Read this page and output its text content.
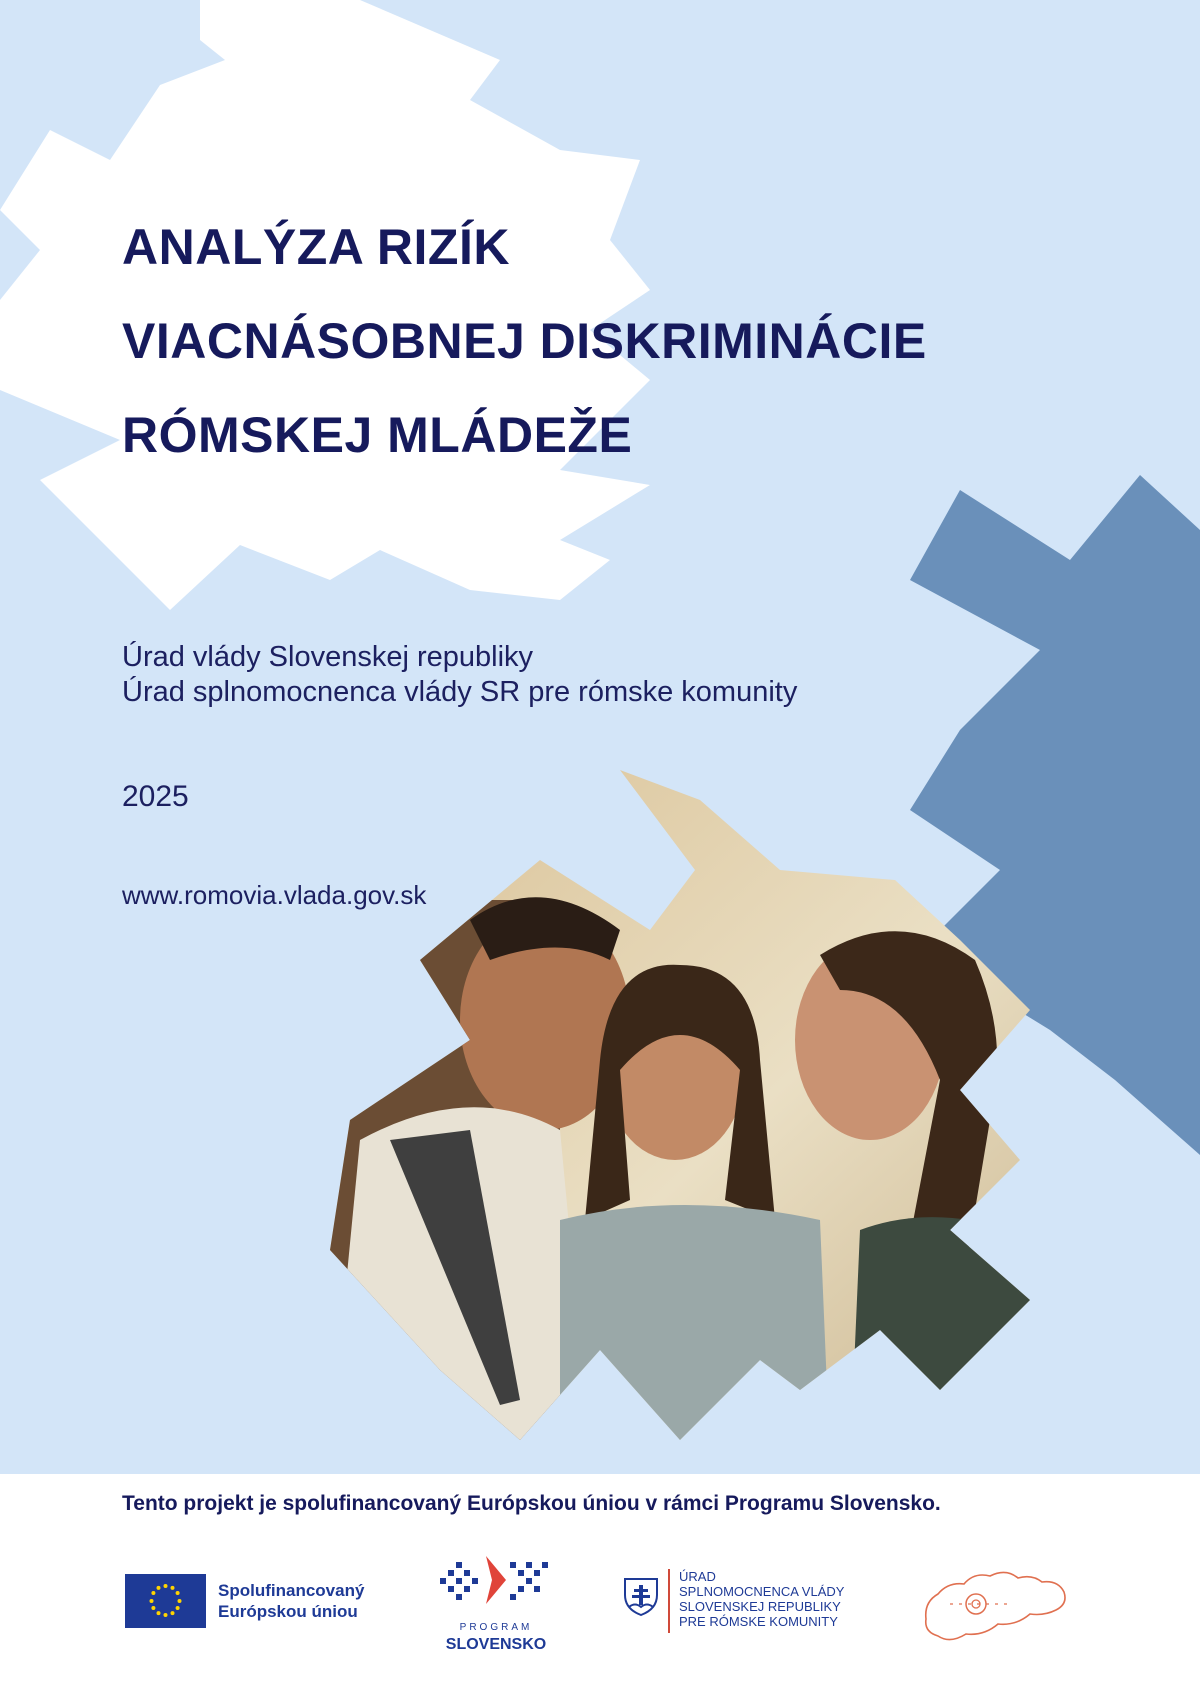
ANALÝZA RIZÍK
VIACNÁSOBNEJ DISKRIMINÁCIE
RÓMSKEJ MLÁDEŽE
Úrad vlády Slovenskej republiky
Úrad splnomocnenca vlády SR pre rómske komunity
2025
www.romovia.vlada.gov.sk
Tento projekt je spolufinancovaný Európskou úniou v rámci Programu Slovensko.
Spolufinancovaný
Európskou úniou
PROGRAM
SLOVENSKO
ÚRAD
SPLNOMOCNENCA VLÁDY
SLOVENSKEJ REPUBLIKY
PRE RÓMSKE KOMUNITY
